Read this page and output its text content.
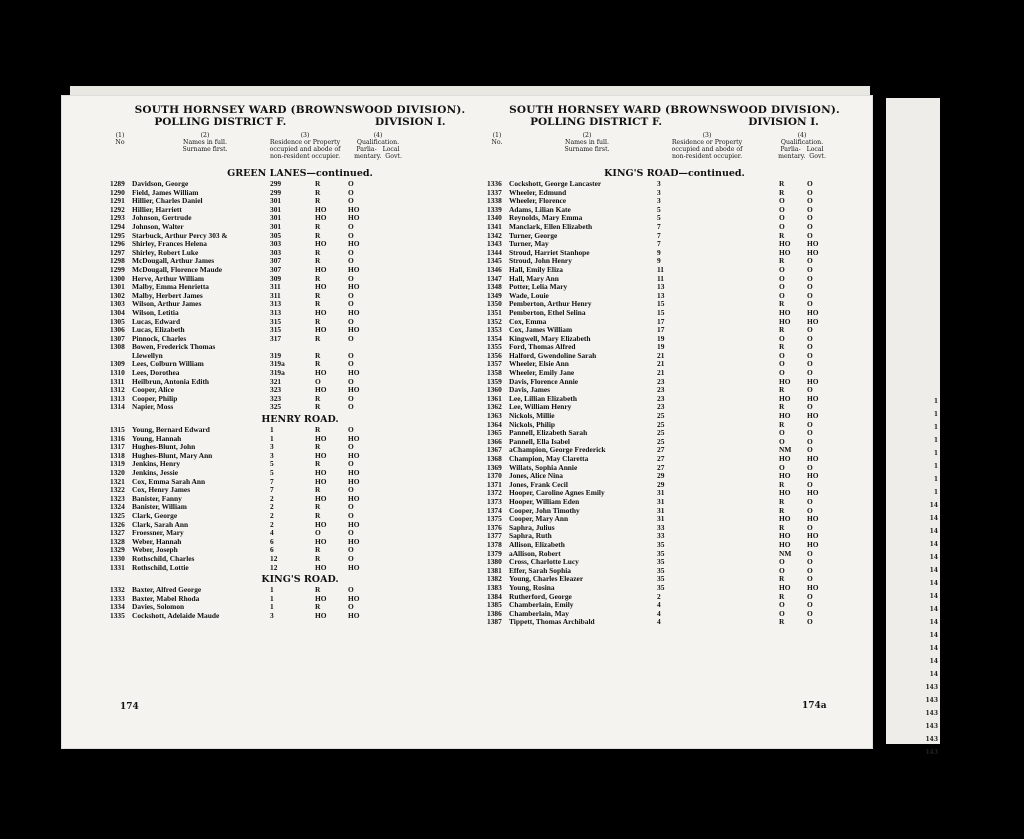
SOUTH HORNSEY WARD (BROWNSWOOD DIVISION).
POLLING DISTRICT F.	DIVISION I.
(1)
No
(2)
Names in full.
Surname first.
(3)
Residence or Property
occupied and abode of
non-resident occupier.
(4)
Qualification.
Parlia-   Local
mentary.  Govt.
GREEN LANES—continued.
1289 Davidson, George	299	R	O
1290 Field, James William	299	R	O
1291 Hillier, Charles Daniel	301	R	O
1292 Hillier, Harriett	301	HO	HO
1293 Johnson, Gertrude	301	HO	HO
1294 Johnson, Walter	301	R	O
1295 Starbuck, Arthur Percy 303 &	305	R	O
1296 Shirley, Frances Helena	303	HO	HO
1297 Shirley, Robert Luke	303	R	O
1298 McDougall, Arthur James	307	R	O
1299 McDougall, Florence Maude	307	HO	HO
1300 Herve, Arthur William	309	R	O
1301 Malby, Emma Henrietta	311	HO	HO
1302 Malby, Herbert James	311	R	O
1303 Wilson, Arthur James	313	R	O
1304 Wilson, Letitia	313	HO	HO
1305 Lucas, Edward	315	R	O
1306 Lucas, Elizabeth	315	HO	HO
1307 Pinnock, Charles	317	R	O
1308 Bowen, Frederick Thomas
Llewellyn	319	R	O
1309 Lees, Colburn William	319a	R	O
1310 Lees, Dorothea	319a	HO	HO
1311 Heilbrun, Antonia Edith	321	O	O
1312 Cooper, Alice	323	HO	HO
1313 Cooper, Philip	323	R	O
1314 Napier, Moss	325	R	O
HENRY ROAD.
1315 Young, Bernard Edward	1	R	O
1316 Young, Hannah	1	HO	HO
1317 Hughes-Blunt, John	3	R	O
1318 Hughes-Blunt, Mary Ann	3	HO	HO
1319 Jenkins, Henry	5	R	O
1320 Jenkins, Jessie	5	HO	HO
1321 Cox, Emma Sarah Ann	7	HO	HO
1322 Cox, Henry James	7	R	O
1323 Banister, Fanny	2	HO	HO
1324 Banister, William	2	R	O
1325 Clark, George	2	R	O
1326 Clark, Sarah Ann	2	HO	HO
1327 Froessner, Mary	4	O	O
1328 Weber, Hannah	6	HO	HO
1329 Weber, Joseph	6	R	O
1330 Rothschild, Charles	12	R	O
1331 Rothschild, Lottie	12	HO	HO
KING'S ROAD.
1332 Baxter, Alfred George	1	R	O
1333 Baxter, Mabel Rhoda	1	HO	HO
1334 Davies, Solomon	1	R	O
1335 Cockshott, Adelaide Maude	3	HO	HO
174
SOUTH HORNSEY WARD (BROWNSWOOD DIVISION).
POLLING DISTRICT F.	DIVISION I.
(1)
No.
(2)
Names in full.
Surname first.
(3)
Residence or Property
occupied and abode of
non-resident occupier.
(4)
Qualification.
Parlia-   Local
mentary.  Govt.
KING'S ROAD—continued.
1336 Cockshott, George Lancaster	3	R	O
1337 Wheeler, Edmund	3	R	O
1338 Wheeler, Florence	3	O	O
1339 Adams, Lilian Kate	5	O	O
1340 Reynolds, Mary Emma	5	O	O
1341 Manclark, Ellen Elizabeth	7	O	O
1342 Turner, George	7	R	O
1343 Turner, May	7	HO HO
1344 Stroud, Harriet Stanhope	9	HO HO
1345 Stroud, John Henry	9	R	O
1346 Hall, Emily Eliza	11	O	O
1347 Hall, Mary Ann	11	O	O
1348 Potter, Lelia Mary	13	O	O
1349 Wade, Louie	13	O	O
1350 Pemberton, Arthur Henry	15	R	O
1351 Pemberton, Ethel Selina	15	HO HO
1352 Cox, Emma	17	HO HO
1353 Cox, James William	17	R	O
1354 Kingwell, Mary Elizabeth	19	O	O
1355 Ford, Thomas Alfred	19	R	O
1356 Halford, Gwendoline Sarah	21	O	O
1357 Wheeler, Elsie Ann	21	O	O
1358 Wheeler, Emily Jane	21	O	O
1359 Davis, Florence Annie	23	HO HO
1360 Davis, James	23	R	O
1361 Lee, Lillian Elizabeth	23	HO HO
1362 Lee, William Henry	23	R	O
1363 Nickols, Millie	25	HO HO
1364 Nickols, Philip	25	R	O
1365 Pannell, Elizabeth Sarah	25	O	O
1366 Pannell, Ella Isabel	25	O	O
1367 aChampion, George Frederick	27	NM O
1368 Champion, May Claretta	27	HO HO
1369 Willats, Sophia Annie	27	O	O
1370 Jones, Alice Nina	29	HO HO
1371 Jones, Frank Cecil	29	R	O
1372 Hooper, Caroline Agnes Emily	31	HO HO
1373 Hooper, William Eden	31	R	O
1374 Cooper, John Timothy	31	R	O
1375 Cooper, Mary Ann	31	HO HO
1376 Saphra, Julius	33	R	O
1377 Saphra, Ruth	33	HO HO
1378 Allison, Elizabeth	35	HO HO
1379 aAllison, Robert	35	NM O
1380 Cross, Charlotte Lucy	35	O	O
1381 Effer, Sarah Sophia	35	O	O
1382 Young, Charles Eleazer	35	R	O
1383 Young, Rosina	35	HO HO
1384 Rutherford, George	2	R	O
1385 Chamberlain, Emily	4	O	O
1386 Chamberlain, May	4	O	O
1387 Tippett, Thomas Archibald	4	R	O
174a
1
1
1
1
1
1
1
1
14
14
14
14
14
14
14
14
14
14
14
14
14
14
143
143
143
143
143
143
